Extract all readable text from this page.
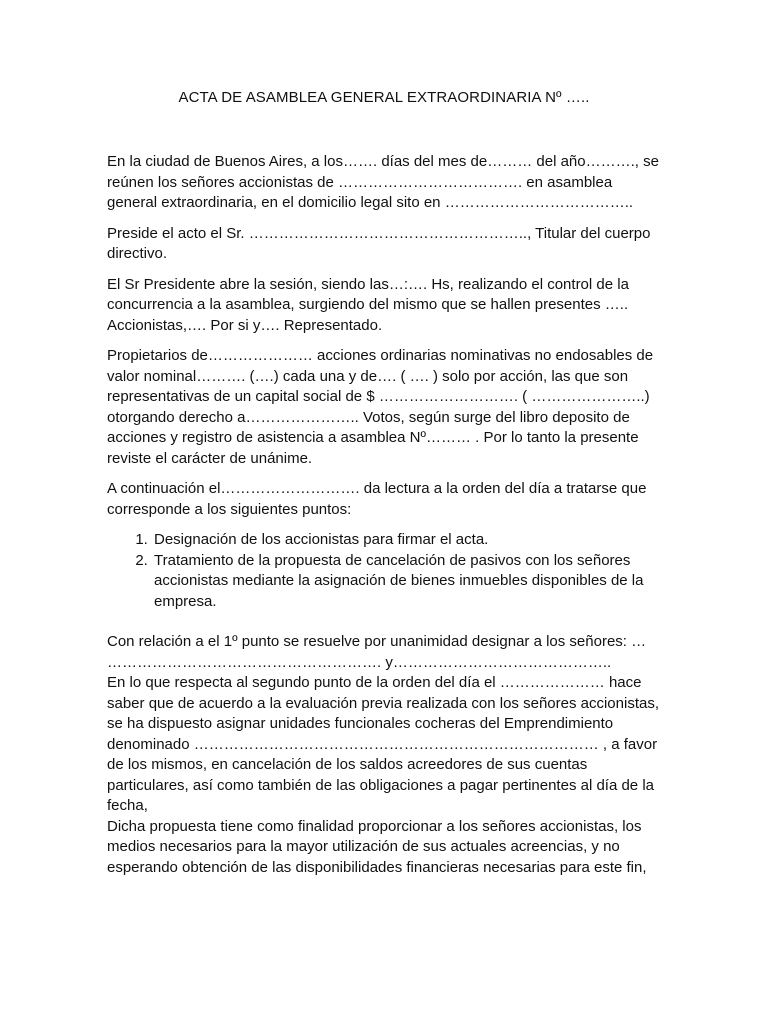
ACTA DE ASAMBLEA GENERAL EXTRAORDINARIA Nº …..

En la ciudad de Buenos Aires, a los……. días del mes de……… del año………., se reúnen los señores accionistas de ………………………………. en asamblea general extraordinaria, en el domicilio legal sito en ………………………………..

Preside el acto el Sr. ……………………………………………….., Titular del cuerpo directivo.

El Sr Presidente abre la sesión, siendo las…:…. Hs, realizando el control de la concurrencia a la asamblea, surgiendo del mismo que se hallen presentes ….. Accionistas,…. Por si y…. Representado.

Propietarios de………………… acciones ordinarias nominativas no endosables de valor nominal………. (….) cada una y de…. ( …. ) solo por acción, las que son representativas de un capital social de $ ………………………. ( …………………..) otorgando derecho a………………….. Votos, según surge del libro deposito de acciones y registro de asistencia a asamblea Nº……… . Por lo tanto la presente reviste el carácter de unánime.

A continuación el………………………. da lectura a la orden del día a tratarse que corresponde a los siguientes puntos:

1. Designación de los accionistas para firmar el acta.
2. Tratamiento de la propuesta de cancelación de pasivos con los señores accionistas mediante la asignación de bienes inmuebles disponibles de la empresa.

Con relación a el 1º punto se resuelve por unanimidad designar a los señores: … ………………………………………………. y……………………………………..

En lo que respecta al segundo punto de la orden del día el ………………… hace saber que de acuerdo a la evaluación previa realizada con los señores accionistas, se ha dispuesto asignar unidades funcionales cocheras del Emprendimiento denominado ……………………………………………………………………… , a favor de los mismos, en cancelación de los saldos acreedores de sus cuentas particulares, así como también de las obligaciones a pagar pertinentes al día de la fecha,

Dicha propuesta tiene como finalidad proporcionar a los señores accionistas, los medios necesarios para la mayor utilización de sus actuales acreencias, y no esperando obtención de las disponibilidades financieras necesarias para este fin,
